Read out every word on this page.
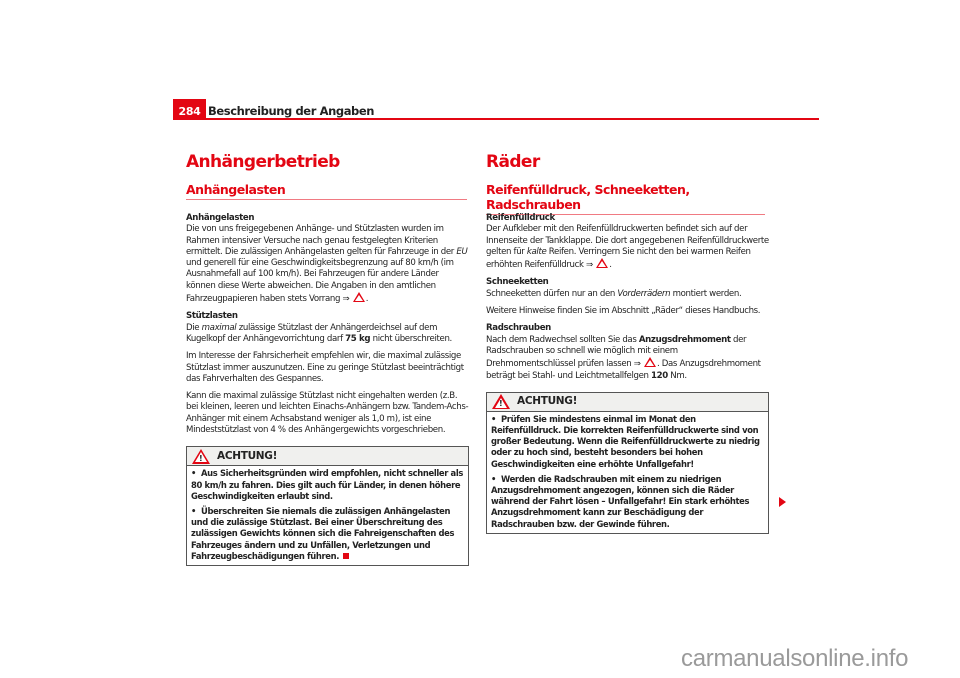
284 Beschreibung der Angaben
Anhängerbetrieb
Anhängelasten

Anhängelasten

Die von uns freigegebenen Anhänge- und Stützlasten wurden im Rahmen intensiver Versuche nach genau festgelegten Kriterien ermittelt. Die zulässigen Anhängelasten gelten für Fahrzeuge in der EU und generell für eine Geschwindigkeitsbegrenzung auf 80 km/h (im Ausnahmefall auf 100 km/h). Bei Fahrzeugen für andere Länder können diese Werte abweichen. Die Angaben in den amtlichen Fahrzeugpapieren haben stets Vorrang ⇒ .

Stützlasten

Die maximal zulässige Stützlast der Anhängerdeichsel auf dem Kugelkopf der Anhängevorrichtung darf 75 kg nicht überschreiten.

Im Interesse der Fahrsicherheit empfehlen wir, die maximal zulässige Stützlast immer auszunutzen. Eine zu geringe Stützlast beeinträchtigt das Fahrverhalten des Gespannes.

Kann die maximal zulässige Stützlast nicht eingehalten werden (z.B. bei kleinen, leeren und leichten Einachs-Anhängern bzw. Tandem-Achs-Anhänger mit einem Achsabstand weniger als 1,0 m), ist eine Mindeststützlast von 4 % des Anhängergewichts vorgeschrieben.

!
ACHTUNG!
• Aus Sicherheitsgründen wird empfohlen, nicht schneller als 80 km/h zu fahren. Dies gilt auch für Länder, in denen höhere Geschwindigkeiten erlaubt sind.
• Überschreiten Sie niemals die zulässigen Anhängelasten und die zulässige Stützlast. Bei einer Überschreitung des zulässigen Gewichts können sich die Fahreigenschaften des Fahrzeuges ändern und zu Unfällen, Verletzungen und Fahrzeugbeschädigungen führen.
Räder
Reifenfülldruck, Schneeketten, Radschrauben

Reifenfülldruck

Der Aufkleber mit den Reifenfülldruckwerten befindet sich auf der Innenseite der Tankklappe. Die dort angegebenen Reifenfülldruckwerte gelten für kalte Reifen. Verringern Sie nicht den bei warmen Reifen erhöhten Reifenfülldruck ⇒ .

Schneeketten

Schneeketten dürfen nur an den Vorderrädern montiert werden.

Weitere Hinweise finden Sie im Abschnitt „Räder“ dieses Handbuchs.

Radschrauben

Nach dem Radwechsel sollten Sie das Anzugsdrehmoment der Radschrauben so schnell wie möglich mit einem Drehmomentschlüssel prüfen lassen ⇒ . Das Anzugsdrehmoment beträgt bei Stahl- und Leichtmetallfelgen 120 Nm.

!
ACHTUNG!
• Prüfen Sie mindestens einmal im Monat den Reifenfülldruck. Die korrekten Reifenfülldruckwerte sind von großer Bedeutung. Wenn die Reifenfülldruckwerte zu niedrig oder zu hoch sind, besteht besonders bei hohen Geschwindigkeiten eine erhöhte Unfallgefahr!
• Werden die Radschrauben mit einem zu niedrigen Anzugsdrehmoment angezogen, können sich die Räder während der Fahrt lösen – Unfallgefahr! Ein stark erhöhtes Anzugsdrehmoment kann zur Beschädigung der Radschrauben bzw. der Gewinde führen.
carmanualsonline.info
